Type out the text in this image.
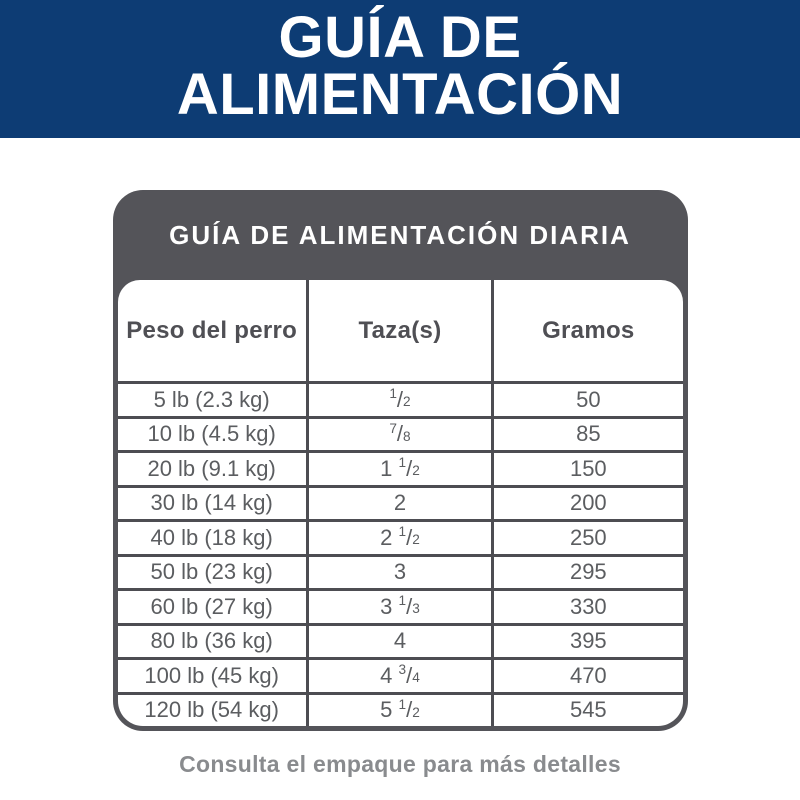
GUÍA DE
ALIMENTACIÓN
GUÍA DE ALIMENTACIÓN DIARIA
Peso del perro	Taza(s)	Gramos
5 lb (2.3 kg)	1 / 2	50
10 lb (4.5 kg)	7 / 8	85
20 lb (9.1 kg)	1 1 / 2	150
30 lb (14 kg)	2	200
40 lb (18 kg)	2 1 / 2	250
50 lb (23 kg)	3	295
60 lb (27 kg)	3 1 / 3	330
80 lb (36 kg)	4	395
100 lb (45 kg)	4 3 / 4	470
120 lb (54 kg)	5 1 / 2	545
Consulta el empaque para más detalles
